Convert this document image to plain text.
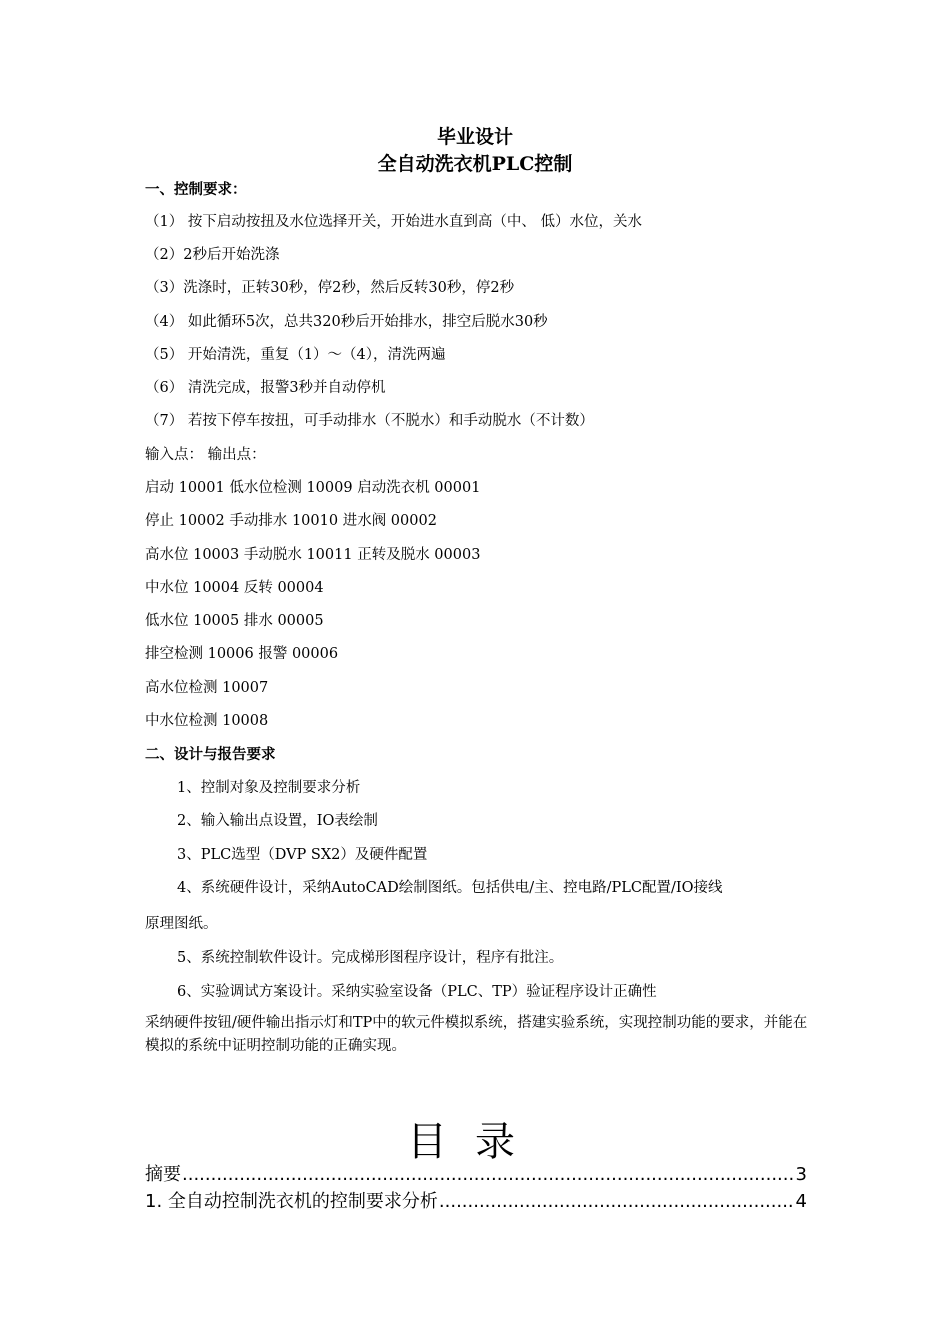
毕业设计
全自动洗衣机PLC控制
一、控制要求：
（1） 按下启动按扭及水位选择开关，开始进水直到高（中、 低）水位，关水
（2）2秒后开始洗涤
（3）洗涤时，正转30秒，停2秒，然后反转30秒，停2秒
（4） 如此循环5次，总共320秒后开始排水，排空后脱水30秒
（5） 开始清洗，重复（1）～（4），清洗两遍
（6） 清洗完成，报警3秒并自动停机
（7） 若按下停车按扭，可手动排水（不脱水）和手动脱水（不计数）
输入点： 输出点：
启动 10001 低水位检测 10009 启动洗衣机 00001
停止 10002 手动排水 10010 进水阀 00002
高水位 10003 手动脱水 10011 正转及脱水 00003
中水位 10004 反转 00004
低水位 10005 排水 00005
排空检测 10006 报警 00006
高水位检测 10007
中水位检测 10008
二、设计与报告要求
1、控制对象及控制要求分析
2、输入输出点设置，IO表绘制
3、PLC选型（DVP SX2）及硬件配置
4、系统硬件设计，采纳AutoCAD绘制图纸。包括供电/主、控电路/PLC配置/IO接线
原理图纸。
5、系统控制软件设计。完成梯形图程序设计，程序有批注。
6、实验调试方案设计。采纳实验室设备（PLC、TP）验证程序设计正确性
采纳硬件按钮/硬件输出指示灯和TP中的软元件模拟系统，搭建实验系统，实现控制功能的要求，并能在模拟的系统中证明控制功能的正确实现。
目录
摘要 .....	3
1. 全自动控制洗衣机的控制要求分析 .....	4
